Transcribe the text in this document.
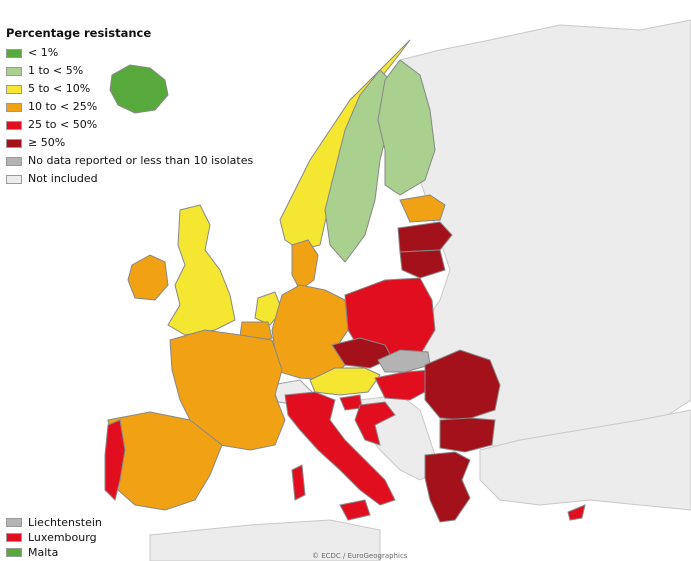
© ECDC / EuroGeographics
Percentage resistance
< 1%
1 to < 5%
5 to < 10%
10 to < 25%
25 to < 50%
≥ 50%
No data reported or less than 10 isolates
Not included
Liechtenstein
Luxembourg
Malta
